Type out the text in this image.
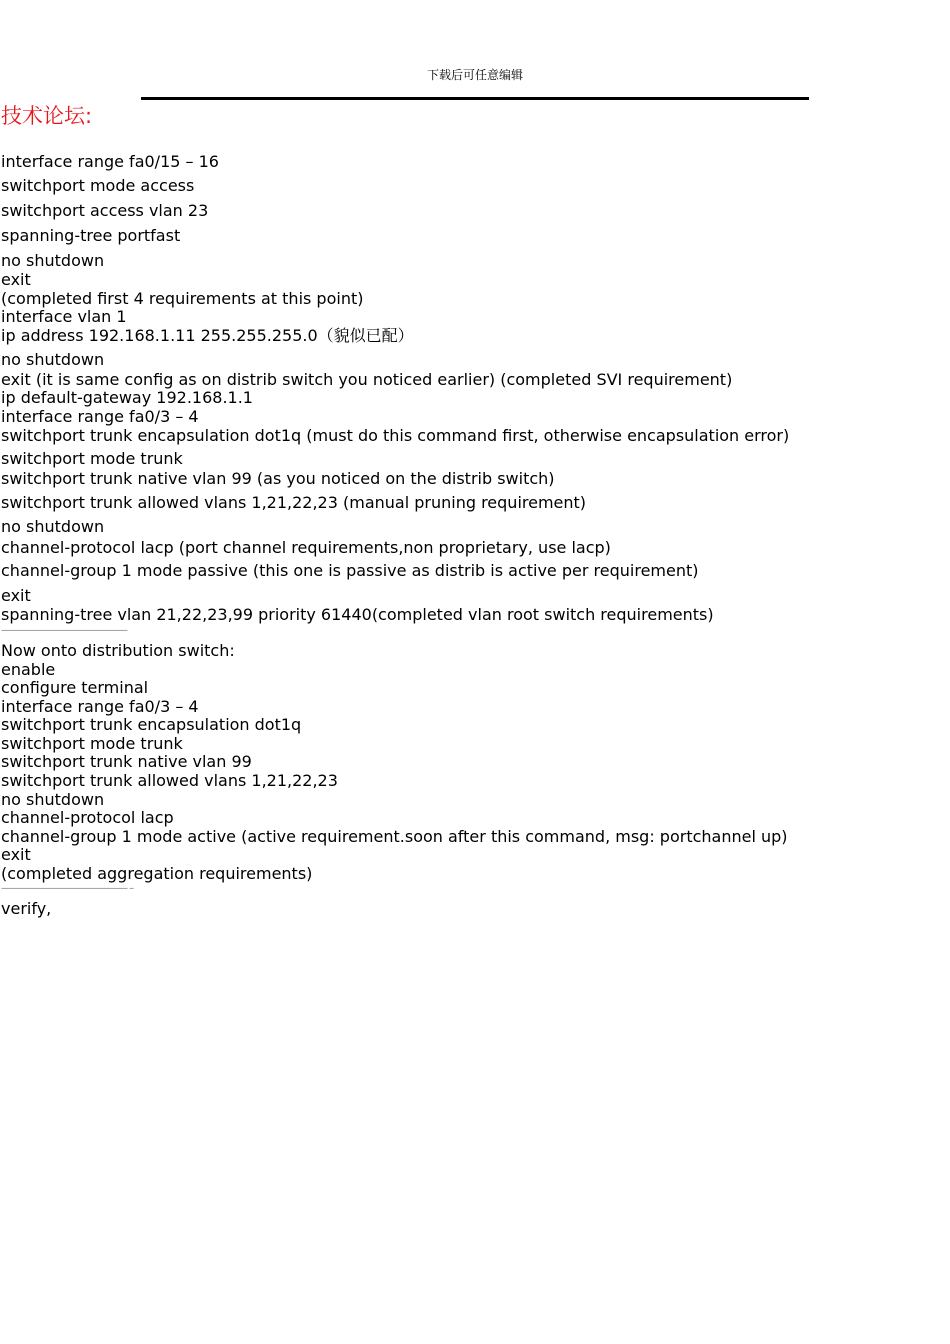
下载后可任意编辑
技术论坛:

interface range fa0/15 – 16

switchport mode access

switchport access vlan 23

spanning-tree portfast

no shutdown

exit

(completed first 4 requirements at this point)

interface vlan 1

ip address 192.168.1.11 255.255.255.0（貌似已配）

no shutdown

exit (it is same config as on distrib switch you noticed earlier) (completed SVI requirement)

ip default-gateway 192.168.1.1

interface range fa0/3 – 4

switchport trunk encapsulation dot1q (must do this command first, otherwise encapsulation error)

switchport mode trunk

switchport trunk native vlan 99 (as you noticed on the distrib switch)

switchport trunk allowed vlans 1,21,22,23 (manual pruning requirement)

no shutdown

channel-protocol lacp (port channel requirements,non proprietary, use lacp)

channel-group 1 mode passive (this one is passive as distrib is active per requirement)

exit

spanning-tree vlan 21,22,23,99 priority 61440(completed vlan root switch requirements)

——————————————

Now onto distribution switch:

enable

configure terminal

interface range fa0/3 – 4

switchport trunk encapsulation dot1q

switchport mode trunk

switchport trunk native vlan 99

switchport trunk allowed vlans 1,21,22,23

no shutdown

channel-protocol lacp

channel-group 1 mode active (active requirement.soon after this command, msg: portchannel up)

exit

(completed aggregation requirements)

—————————————— –

verify,
